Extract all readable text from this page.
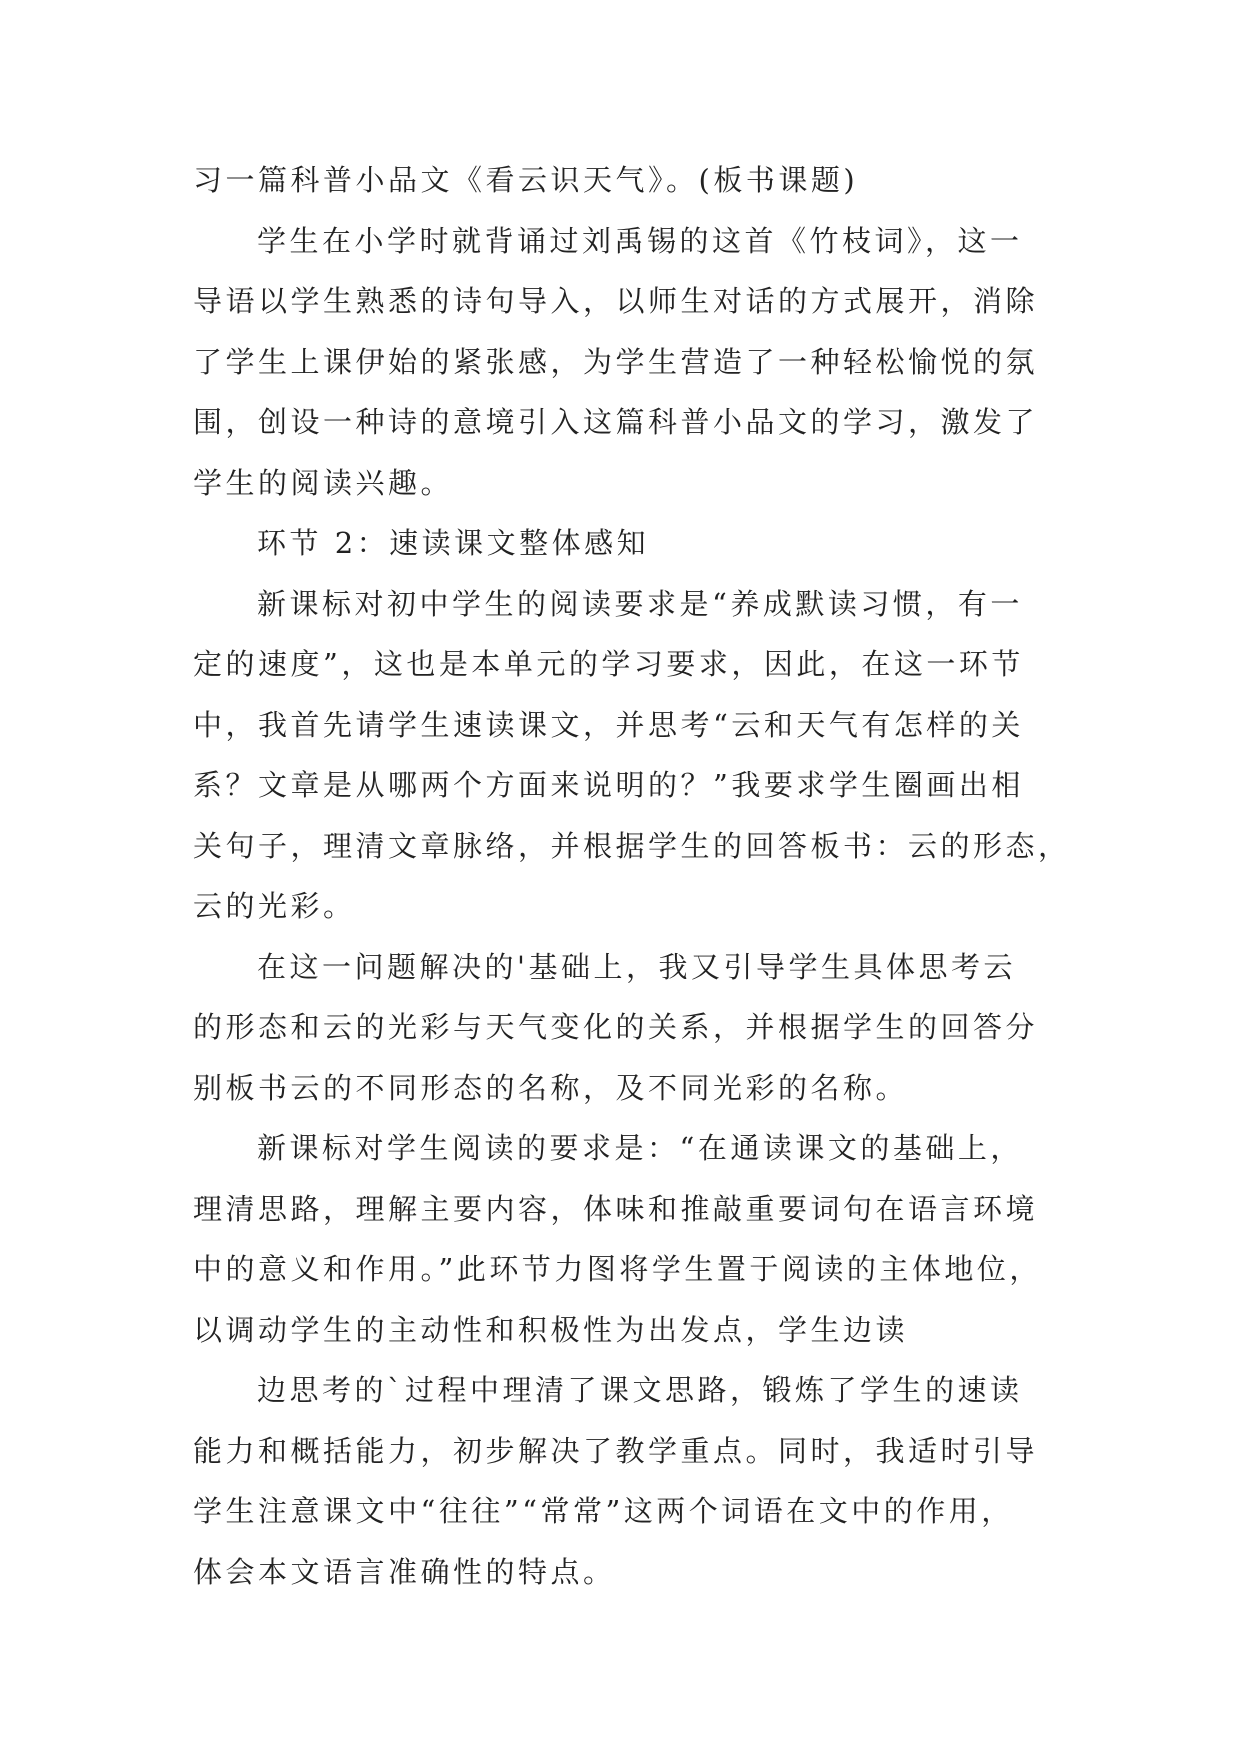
习一篇科普小品文《看云识天气》。(板书课题)
学生在小学时就背诵过刘禹锡的这首《竹枝词》，这一
导语以学生熟悉的诗句导入，以师生对话的方式展开，消除
了学生上课伊始的紧张感，为学生营造了一种轻松愉悦的氛
围，创设一种诗的意境引入这篇科普小品文的学习，激发了
学生的阅读兴趣。
环节 2：速读课文整体感知
新课标对初中学生的阅读要求是“养成默读习惯，有一
定的速度”，这也是本单元的学习要求，因此，在这一环节
中，我首先请学生速读课文，并思考“云和天气有怎样的关
系？文章是从哪两个方面来说明的？”我要求学生圈画出相
关句子，理清文章脉络，并根据学生的回答板书：云的形态，
云的光彩。
在这一问题解决的'基础上，我又引导学生具体思考云
的形态和云的光彩与天气变化的关系，并根据学生的回答分
别板书云的不同形态的名称，及不同光彩的名称。
新课标对学生阅读的要求是：“在通读课文的基础上，
理清思路，理解主要内容，体味和推敲重要词句在语言环境
中的意义和作用。”此环节力图将学生置于阅读的主体地位，
以调动学生的主动性和积极性为出发点，学生边读
边思考的`过程中理清了课文思路，锻炼了学生的速读
能力和概括能力，初步解决了教学重点。同时，我适时引导
学生注意课文中“往往”“常常”这两个词语在文中的作用，
体会本文语言准确性的特点。
